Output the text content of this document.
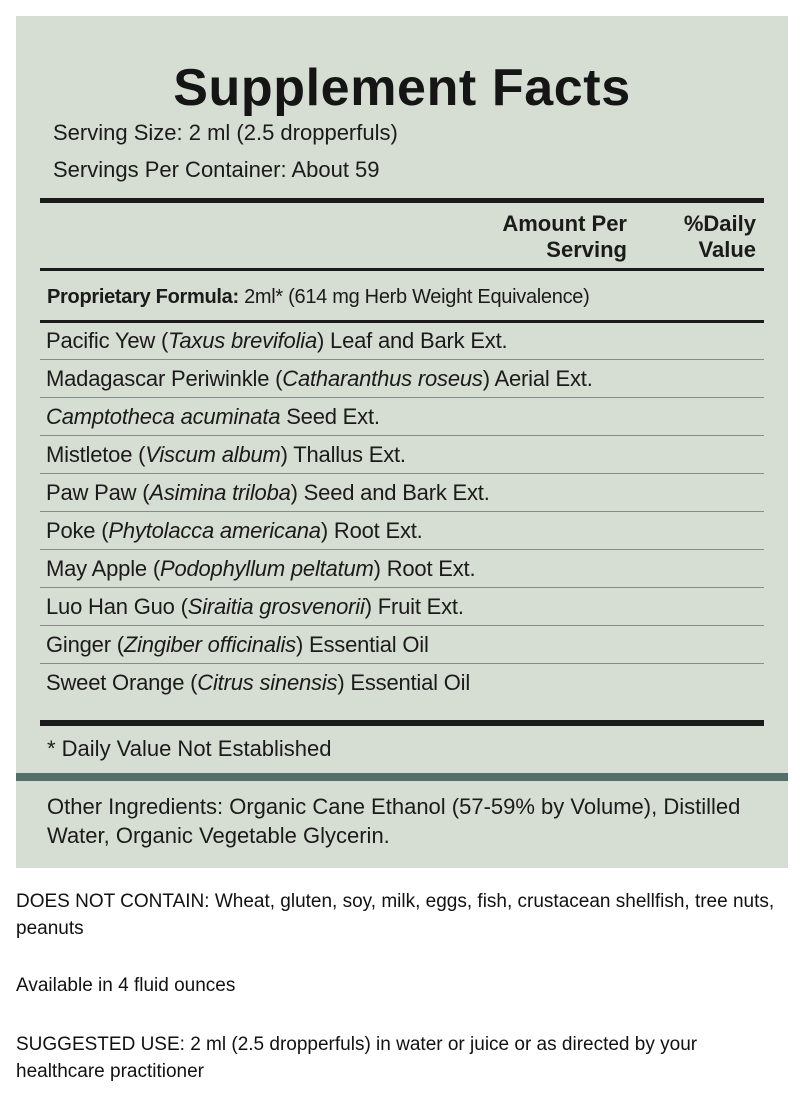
Supplement Facts
Serving Size: 2 ml (2.5 dropperfuls)
Servings Per Container: About 59
Amount Per
Serving
%Daily
Value
Proprietary Formula: 2ml* (614 mg Herb Weight Equivalence)
Pacific Yew (Taxus brevifolia) Leaf and Bark Ext.
Madagascar Periwinkle (Catharanthus roseus) Aerial Ext.
Camptotheca acuminata Seed Ext.
Mistletoe (Viscum album) Thallus Ext.
Paw Paw (Asimina triloba) Seed and Bark Ext.
Poke (Phytolacca americana) Root Ext.
May Apple (Podophyllum peltatum) Root Ext.
Luo Han Guo (Siraitia grosvenorii) Fruit Ext.
Ginger (Zingiber officinalis) Essential Oil
Sweet Orange (Citrus sinensis) Essential Oil
* Daily Value Not Established
Other Ingredients: Organic Cane Ethanol (57-59% by Volume), Distilled Water, Organic Vegetable Glycerin.
DOES NOT CONTAIN: Wheat, gluten, soy, milk, eggs, fish, crustacean shellfish, tree nuts, peanuts
Available in 4 fluid ounces
SUGGESTED USE: 2 ml (2.5 dropperfuls) in water or juice or as directed by your healthcare practitioner
